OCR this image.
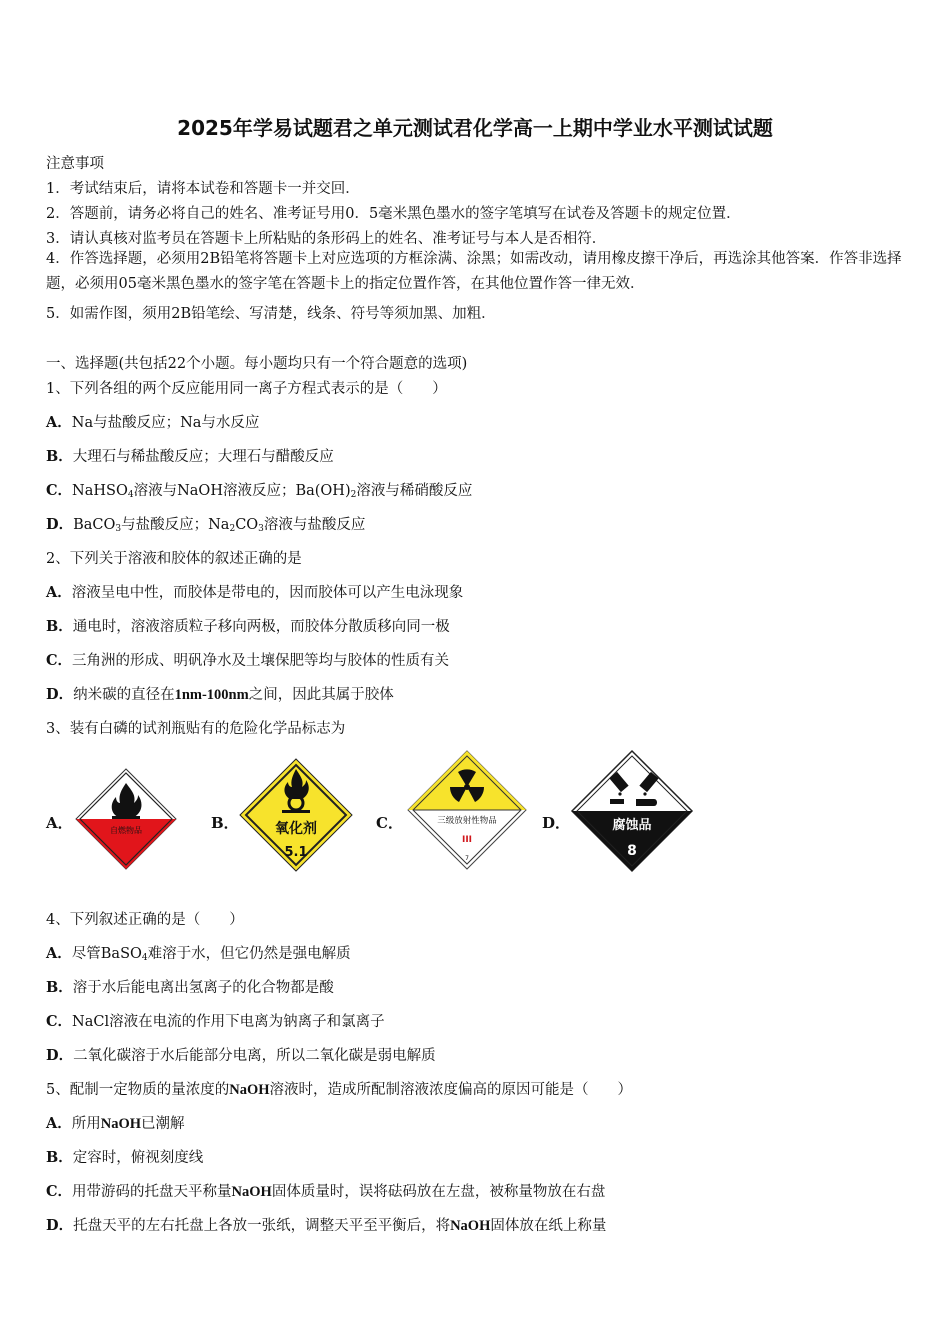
2025年学易试题君之单元测试君化学高一上期中学业水平测试试题
注意事项
1．考试结束后，请将本试卷和答题卡一并交回．
2．答题前，请务必将自己的姓名、准考证号用0．5毫米黑色墨水的签字笔填写在试卷及答题卡的规定位置．
3．请认真核对监考员在答题卡上所粘贴的条形码上的姓名、准考证号与本人是否相符．
4．作答选择题，必须用2B铅笔将答题卡上对应选项的方框涂满、涂黑；如需改动，请用橡皮擦干净后，再选涂其他答案．作答非选择题，必须用05毫米黑色墨水的签字笔在答题卡上的指定位置作答，在其他位置作答一律无效．
5．如需作图，须用2B铅笔绘、写清楚，线条、符号等须加黑、加粗．
一、选择题(共包括22个小题。每小题均只有一个符合题意的选项)
1、下列各组的两个反应能用同一离子方程式表示的是（　　）
A．Na与盐酸反应；Na与水反应
B．大理石与稀盐酸反应；大理石与醋酸反应
C．NaHSO$_4$溶液与NaOH溶液反应；$Ba(OH)_2$溶液与稀硝酸反应
D．BaCO$_3$与盐酸反应；$Na_2CO_3$溶液与盐酸反应
2、下列关于溶液和胶体的叙述正确的是
A．溶液呈电中性，而胶体是带电的，因而胶体可以产生电泳现象
B．通电时，溶液溶质粒子移向两极，而胶体分散质移向同一极
C．三角洲的形成、明矾净水及土壤保肥等均与胶体的性质有关
D．纳米碳的直径在1nm-100nm之间，因此其属于胶体
3、装有白磷的试剂瓶贴有的危险化学品标志为
A．	自燃物品	B．	氧化剂
5.1
C．	三级放射性物品
III
7
D．	腐蚀品
8
4、下列叙述正确的是（　　）
A．尽管BaSO$_4$难溶于水，但它仍然是强电解质
B．溶于水后能电离出氢离子的化合物都是酸
C．NaCl溶液在电流的作用下电离为钠离子和氯离子
D．二氧化碳溶于水后能部分电离，所以二氧化碳是弱电解质
5、配制一定物质的量浓度的NaOH溶液时，造成所配制溶液浓度偏高的原因可能是（　　）
A．所用NaOH已潮解
B．定容时，俯视刻度线
C．用带游码的托盘天平称量NaOH固体质量时，误将砝码放在左盘，被称量物放在右盘
D．托盘天平的左右托盘上各放一张纸，调整天平至平衡后，将NaOH固体放在纸上称量
